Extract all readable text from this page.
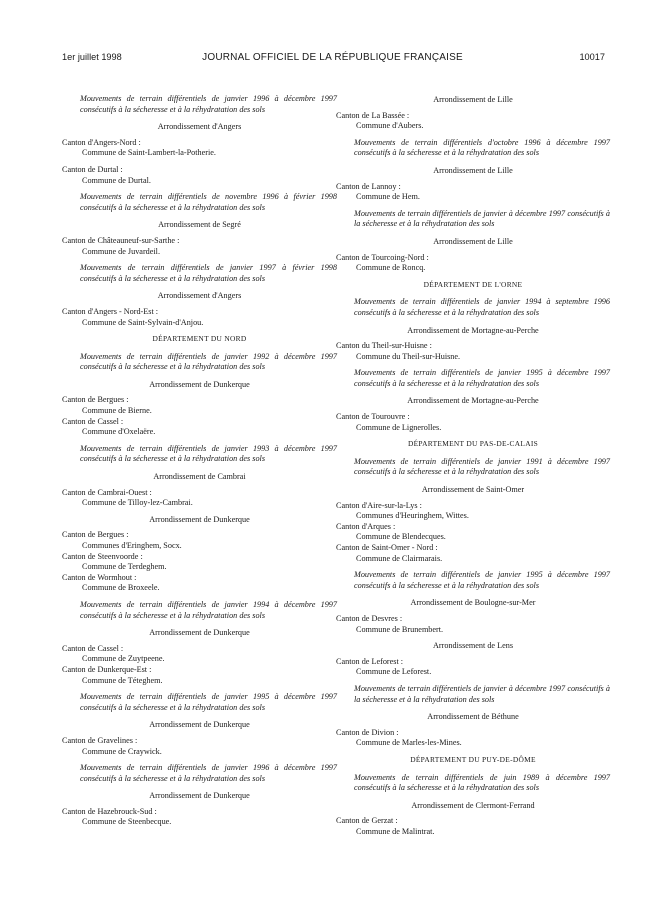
1er juillet 1998	JOURNAL OFFICIEL DE LA RÉPUBLIQUE FRANÇAISE	10017
Mouvements de terrain différentiels de janvier 1996 à décembre 1997 consécutifs à la sécheresse et à la réhydratation des sols
Arrondissement d'Angers
Canton d'Angers-Nord :
Commune de Saint-Lambert-la-Potherie.
Canton de Durtal :
Commune de Durtal.
Mouvements de terrain différentiels de novembre 1996 à février 1998 consécutifs à la sécheresse et à la réhydratation des sols
Arrondissement de Segré
Canton de Châteauneuf-sur-Sarthe :
Commune de Juvardeil.
Mouvements de terrain différentiels de janvier 1997 à février 1998 consécutifs à la sécheresse et à la réhydratation des sols
Arrondissement d'Angers
Canton d'Angers - Nord-Est :
Commune de Saint-Sylvain-d'Anjou.
DÉPARTEMENT DU NORD
Mouvements de terrain différentiels de janvier 1992 à décembre 1997 consécutifs à la sécheresse et à la réhydratation des sols
Arrondissement de Dunkerque
Canton de Bergues :
Commune de Bierne.
Canton de Cassel :
Commune d'Oxelaëre.
Mouvements de terrain différentiels de janvier 1993 à décembre 1997 consécutifs à la sécheresse et à la réhydratation des sols
Arrondissement de Cambrai
Canton de Cambrai-Ouest :
Commune de Tilloy-lez-Cambrai.
Arrondissement de Dunkerque
Canton de Bergues :
Communes d'Eringhem, Socx.
Canton de Steenvoorde :
Commune de Terdeghem.
Canton de Wormhout :
Commune de Broxeele.
Mouvements de terrain différentiels de janvier 1994 à décembre 1997 consécutifs à la sécheresse et à la réhydratation des sols
Arrondissement de Dunkerque
Canton de Cassel :
Commune de Zuytpeene.
Canton de Dunkerque-Est :
Commune de Téteghem.
Mouvements de terrain différentiels de janvier 1995 à décembre 1997 consécutifs à la sécheresse et à la réhydratation des sols
Arrondissement de Dunkerque
Canton de Gravelines :
Commune de Craywick.
Mouvements de terrain différentiels de janvier 1996 à décembre 1997 consécutifs à la sécheresse et à la réhydratation des sols
Arrondissement de Dunkerque
Canton de Hazebrouck-Sud :
Commune de Steenbecque.
Arrondissement de Lille
Canton de La Bassée :
Commune d'Aubers.
Mouvements de terrain différentiels d'octobre 1996 à décembre 1997 consécutifs à la sécheresse et à la réhydratation des sols
Arrondissement de Lille
Canton de Lannoy :
Commune de Hem.
Mouvements de terrain différentiels de janvier à décembre 1997 consécutifs à la sécheresse et à la réhydratation des sols
Arrondissement de Lille
Canton de Tourcoing-Nord :
Commune de Roncq.
DÉPARTEMENT DE L'ORNE
Mouvements de terrain différentiels de janvier 1994 à septembre 1996 consécutifs à la sécheresse et à la réhydratation des sols
Arrondissement de Mortagne-au-Perche
Canton du Theil-sur-Huisne :
Commune du Theil-sur-Huisne.
Mouvements de terrain différentiels de janvier 1995 à décembre 1997 consécutifs à la sécheresse et à la réhydratation des sols
Arrondissement de Mortagne-au-Perche
Canton de Tourouvre :
Commune de Lignerolles.
DÉPARTEMENT DU PAS-DE-CALAIS
Mouvements de terrain différentiels de janvier 1991 à décembre 1997 consécutifs à la sécheresse et à la réhydratation des sols
Arrondissement de Saint-Omer
Canton d'Aire-sur-la-Lys :
Communes d'Heuringhem, Wittes.
Canton d'Arques :
Commune de Blendecques.
Canton de Saint-Omer - Nord :
Commune de Clairmarais.
Mouvements de terrain différentiels de janvier 1995 à décembre 1997 consécutifs à la sécheresse et à la réhydratation des sols
Arrondissement de Boulogne-sur-Mer
Canton de Desvres :
Commune de Brunembert.
Arrondissement de Lens
Canton de Leforest :
Commune de Leforest.
Mouvements de terrain différentiels de janvier à décembre 1997 consécutifs à la sécheresse et à la réhydratation des sols
Arrondissement de Béthune
Canton de Divion :
Commune de Marles-les-Mines.
DÉPARTEMENT DU PUY-DE-DÔME
Mouvements de terrain différentiels de juin 1989 à décembre 1997 consécutifs à la sécheresse et à la réhydratation des sols
Arrondissement de Clermont-Ferrand
Canton de Gerzat :
Commune de Malintrat.
